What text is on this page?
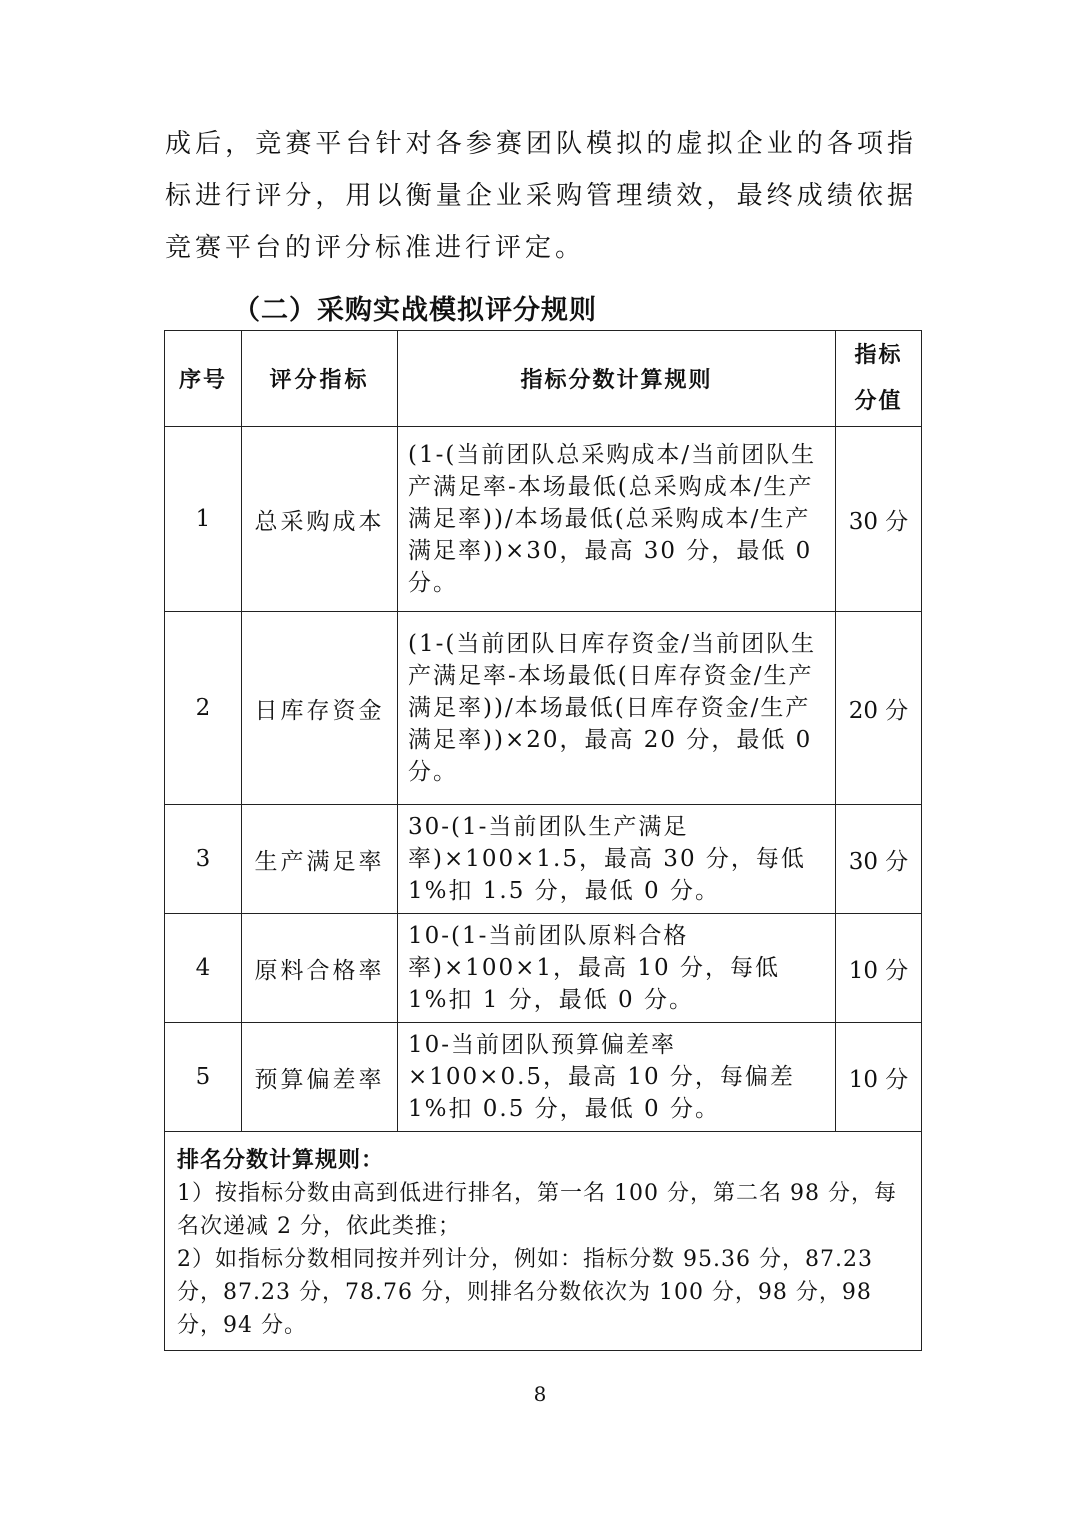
成后，竞赛平台针对各参赛团队模拟的虚拟企业的各项指标进行评分，用以衡量企业采购管理绩效，最终成绩依据竞赛平台的评分标准进行评定。

（二）采购实战模拟评分规则
序号	评分指标	指标分数计算规则	指标
分值
1	总采购成本	(1-(当前团队总采购成本/当前团队生产满足率-本场最低(总采购成本/生产满足率))/本场最低(总采购成本/生产满足率))×30，最高 30 分，最低 0 分。	30 分
2	日库存资金	(1-(当前团队日库存资金/当前团队生产满足率-本场最低(日库存资金/生产满足率))/本场最低(日库存资金/生产满足率))×20，最高 20 分，最低 0 分。	20 分
3	生产满足率	30-(1-当前团队生产满足率)×100×1.5，最高 30 分，每低 1%扣 1.5 分，最低 0 分。	30 分
4	原料合格率	10-(1-当前团队原料合格率)×100×1，最高 10 分，每低 1%扣 1 分，最低 0 分。	10 分
5	预算偏差率	10-当前团队预算偏差率×100×0.5，最高 10 分，每偏差 1%扣 0.5 分，最低 0 分。	10 分

排名分数计算规则：
1）按指标分数由高到低进行排名，第一名 100 分，第二名 98 分，每名次递减 2 分，依此类推；
2）如指标分数相同按并列计分，例如：指标分数 95.36 分，87.23 分，87.23 分，78.76 分，则排名分数依次为 100 分，98 分，98 分，94 分。			
8
